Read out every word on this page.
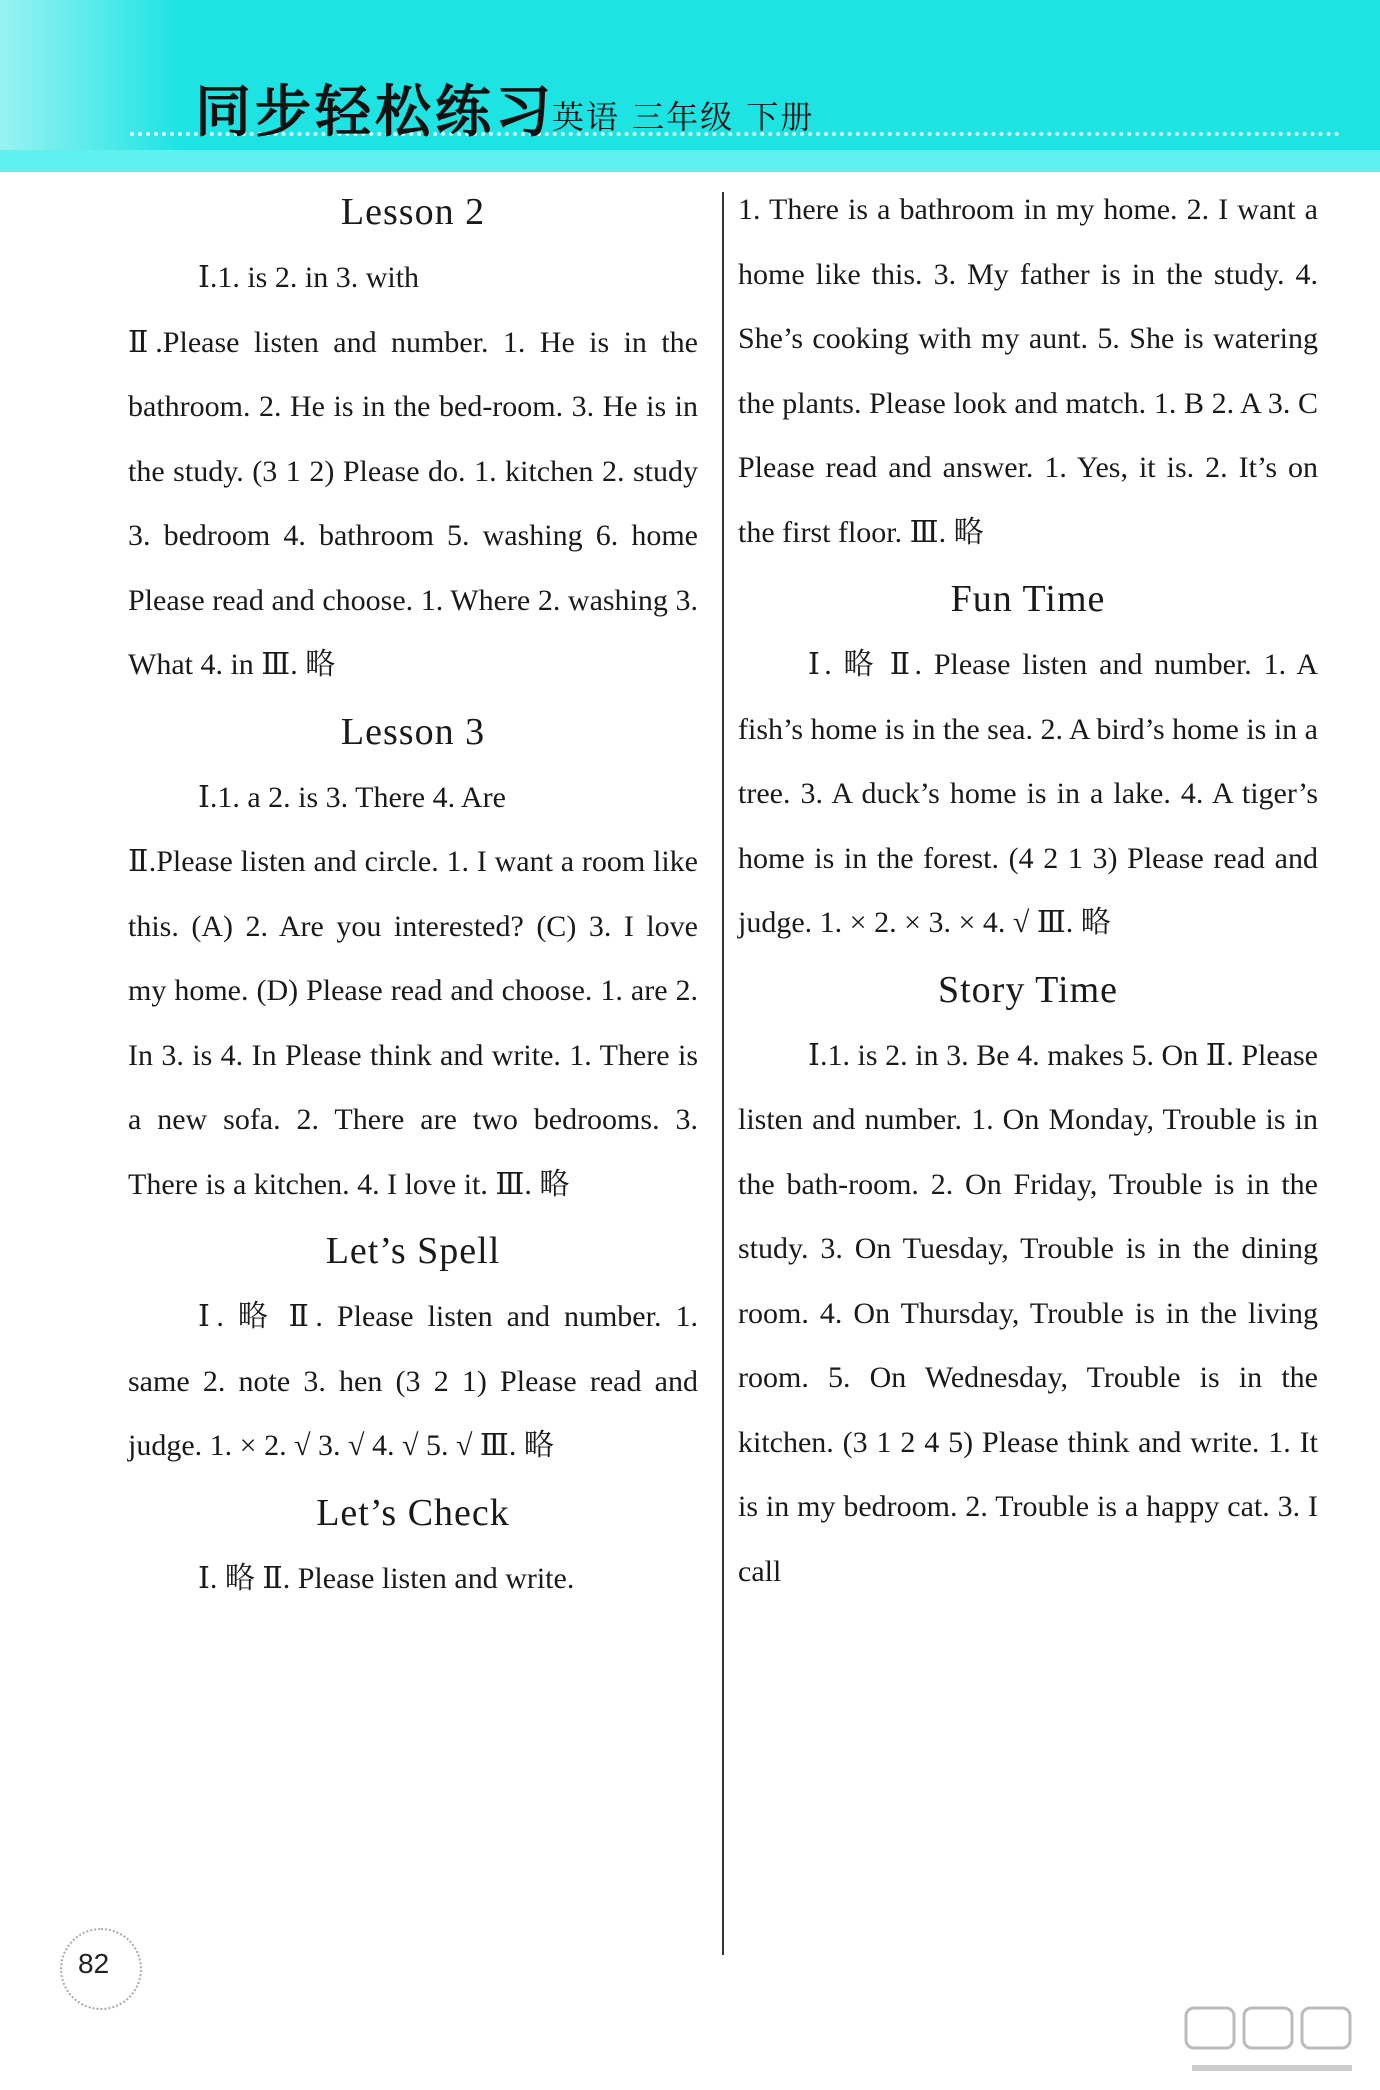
同步轻松练习
英语 三年级 下册
Lesson 2

Ⅰ.1. is 2. in 3. with

Ⅱ.Please listen and number. 1. He is in the bathroom. 2. He is in the bed-room. 3. He is in the study. (3 1 2) Please do. 1. kitchen 2. study 3. bedroom 4. bathroom 5. washing 6. home Please read and choose. 1. Where 2. washing 3. What 4. in Ⅲ. 略

Lesson 3

Ⅰ.1. a 2. is 3. There 4. Are

Ⅱ.Please listen and circle. 1. I want a room like this. (A) 2. Are you interested? (C) 3. I love my home. (D) Please read and choose. 1. are 2. In 3. is 4. In Please think and write. 1. There is a new sofa. 2. There are two bedrooms. 3. There is a kitchen. 4. I love it. Ⅲ. 略

Let’s Spell

Ⅰ. 略 Ⅱ. Please listen and number. 1. same 2. note 3. hen (3 2 1) Please read and judge. 1. × 2. √ 3. √ 4. √ 5. √ Ⅲ. 略

Let’s Check

Ⅰ. 略 Ⅱ. Please listen and write.

1. There is a bathroom in my home. 2. I want a home like this. 3. My father is in the study. 4. She’s cooking with my aunt. 5. She is watering the plants. Please look and match. 1. B 2. A 3. C Please read and answer. 1. Yes, it is. 2. It’s on the first floor. Ⅲ. 略

Fun Time

Ⅰ. 略 Ⅱ. Please listen and number. 1. A fish’s home is in the sea. 2. A bird’s home is in a tree. 3. A duck’s home is in a lake. 4. A tiger’s home is in the forest. (4 2 1 3) Please read and judge. 1. × 2. × 3. × 4. √ Ⅲ. 略

Story Time

Ⅰ.1. is 2. in 3. Be 4. makes 5. On Ⅱ. Please listen and number. 1. On Monday, Trouble is in the bath-room. 2. On Friday, Trouble is in the study. 3. On Tuesday, Trouble is in the dining room. 4. On Thursday, Trouble is in the living room. 5. On Wednesday, Trouble is in the kitchen. (3 1 2 4 5) Please think and write. 1. It is in my bedroom. 2. Trouble is a happy cat. 3. I call

82
